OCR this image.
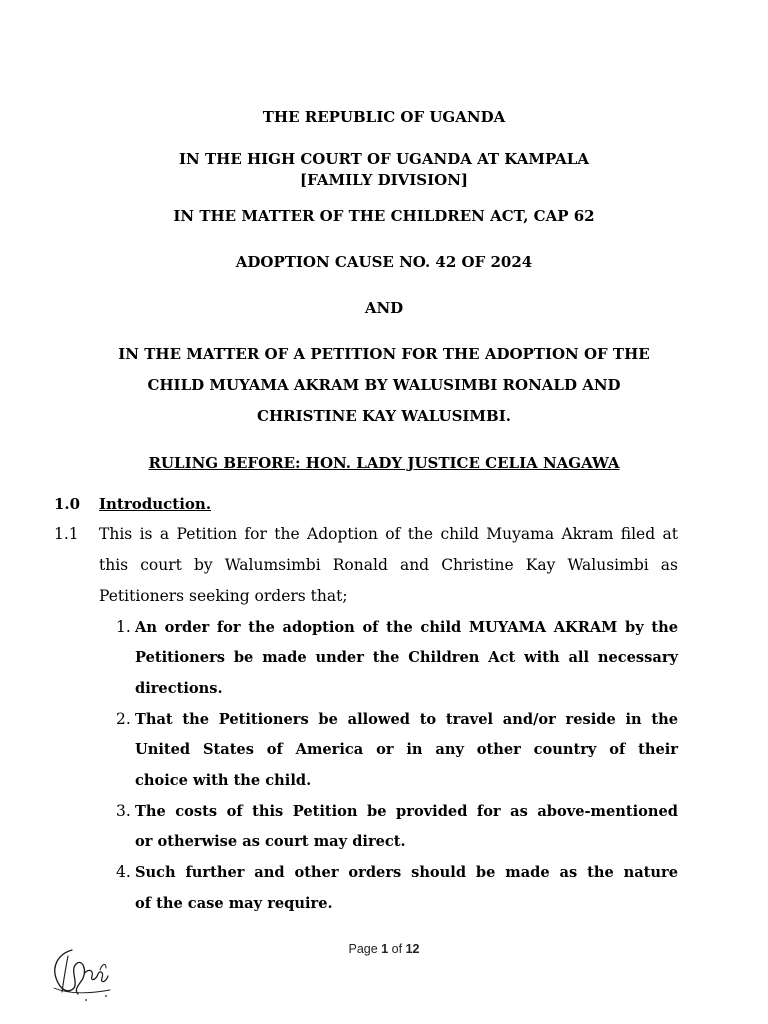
THE REPUBLIC OF UGANDA
IN THE HIGH COURT OF UGANDA AT KAMPALA
[FAMILY DIVISION]
IN THE MATTER OF THE CHILDREN ACT, CAP 62
ADOPTION CAUSE NO. 42 OF 2024
AND
IN THE MATTER OF A PETITION FOR THE ADOPTION OF THE
CHILD MUYAMA AKRAM BY WALUSIMBI RONALD AND
CHRISTINE KAY WALUSIMBI.
RULING BEFORE: HON. LADY JUSTICE CELIA NAGAWA
1.0 Introduction.
1.1 This is a Petition for the Adoption of the child Muyama Akram filed at
this court by Walumsimbi Ronald and Christine Kay Walusimbi as
Petitioners seeking orders that;
1. An order for the adoption of the child MUYAMA AKRAM by the
Petitioners be made under the Children Act with all necessary
directions.
2. That the Petitioners be allowed to travel and/or reside in the
United States of America or in any other country of their
choice with the child.
3. The costs of this Petition be provided for as above-mentioned
or otherwise as court may direct.
4. Such further and other orders should be made as the nature
of the case may require.
Page 1 of 12
